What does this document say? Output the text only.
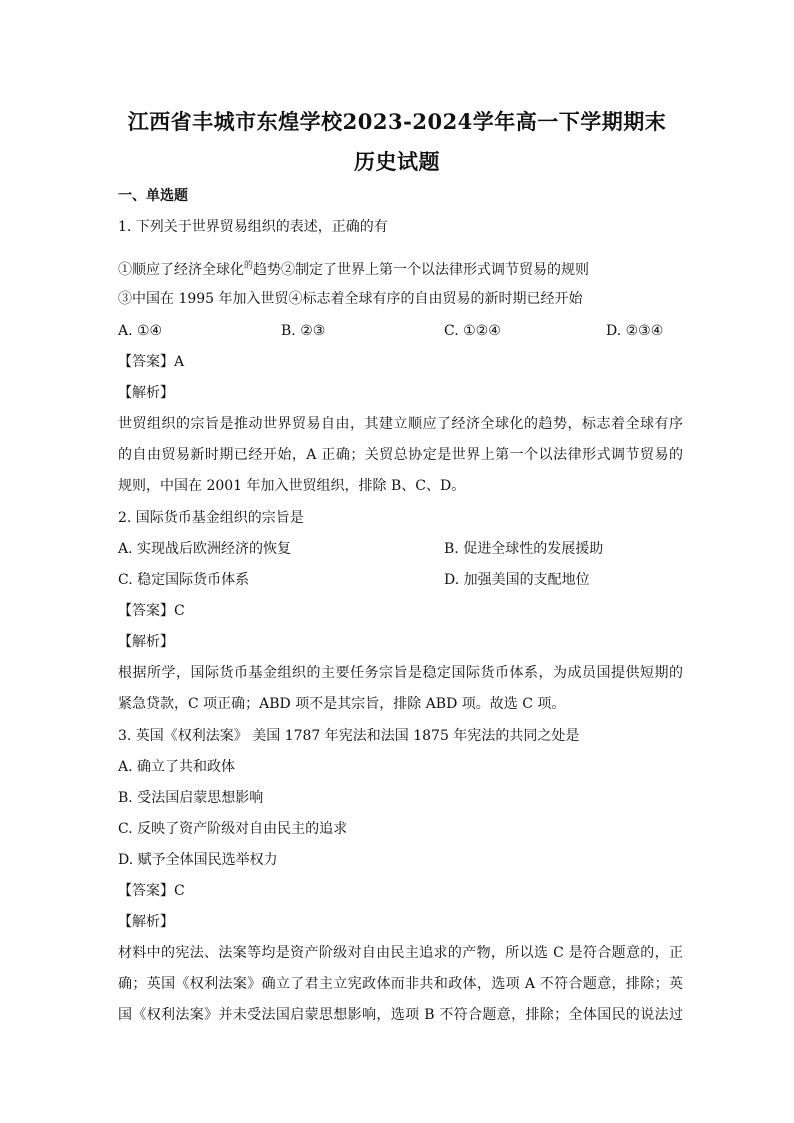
江西省丰城市东煌学校2023-2024学年高一下学期期末
历史试题
一、单选题
1. 下列关于世界贸易组织的表述，正确的有
①顺应了经济全球化$^的$趋势②制定了世界上第一个以法律形式调节贸易的规则
③中国在 1995 年加入世贸④标志着全球有序的自由贸易的新时期已经开始
A. ①④	B. ②③	C. ①②④	D. ②③④
【答案】A
【解析】
世贸组织的宗旨是推动世界贸易自由，其建立顺应了经济全球化的趋势，标志着全球有序
的自由贸易新时期已经开始，A 正确；关贸总协定是世界上第一个以法律形式调节贸易的
规则，中国在 2001 年加入世贸组织，排除 B、C、D。
2. 国际货币基金组织的宗旨是
A. 实现战后欧洲经济的恢复	B. 促进全球性的发展援助
C. 稳定国际货币体系	D. 加强美国的支配地位
【答案】C
【解析】
根据所学，国际货币基金组织的主要任务宗旨是稳定国际货币体系，为成员国提供短期的
紧急贷款，C 项正确；ABD 项不是其宗旨，排除 ABD 项。故选 C 项。
3. 英国《权利法案》 美国 1787 年宪法和法国 1875 年宪法的共同之处是
A. 确立了共和政体
B. 受法国启蒙思想影响
C. 反映了资产阶级对自由民主的追求
D. 赋予全体国民选举权力
【答案】C
【解析】
材料中的宪法、法案等均是资产阶级对自由民主追求的产物，所以选 C 是符合题意的，正
确；英国《权利法案》确立了君主立宪政体而非共和政体，选项 A 不符合题意，排除；英
国《权利法案》并未受法国启蒙思想影响，选项 B 不符合题意，排除；全体国民的说法过
